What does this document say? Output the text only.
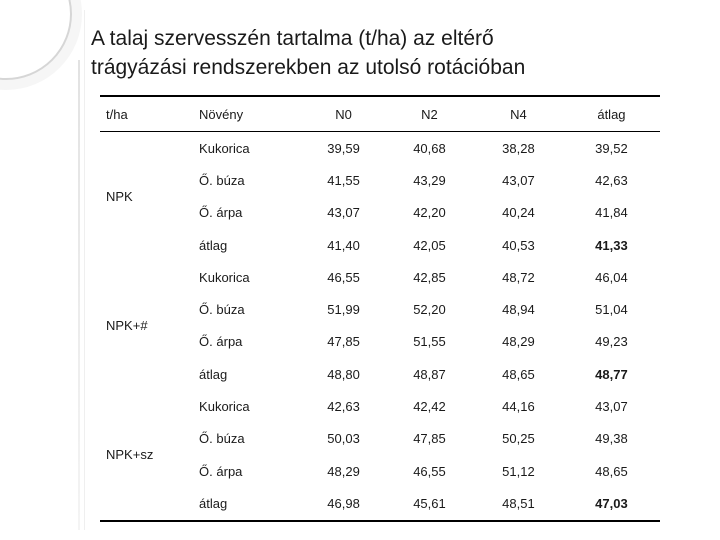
A talaj szervesszén tartalma (t/ha) az eltérő
trágyázási rendszerekben az utolsó rotációban
t/ha	Növény	N0	N2	N4	átlag
NPK	Kukorica	39,59	40,68	38,28	39,52
	Ő. búza	41,55	43,29	43,07	42,63
	Ő. árpa	43,07	42,20	40,24	41,84
	átlag	41,40	42,05	40,53	41,33
NPK+#	Kukorica	46,55	42,85	48,72	46,04
	Ő. búza	51,99	52,20	48,94	51,04
	Ő. árpa	47,85	51,55	48,29	49,23
	átlag	48,80	48,87	48,65	48,77
NPK+sz	Kukorica	42,63	42,42	44,16	43,07
	Ő. búza	50,03	47,85	50,25	49,38
	Ő. árpa	48,29	46,55	51,12	48,65
	átlag	46,98	45,61	48,51	47,03
